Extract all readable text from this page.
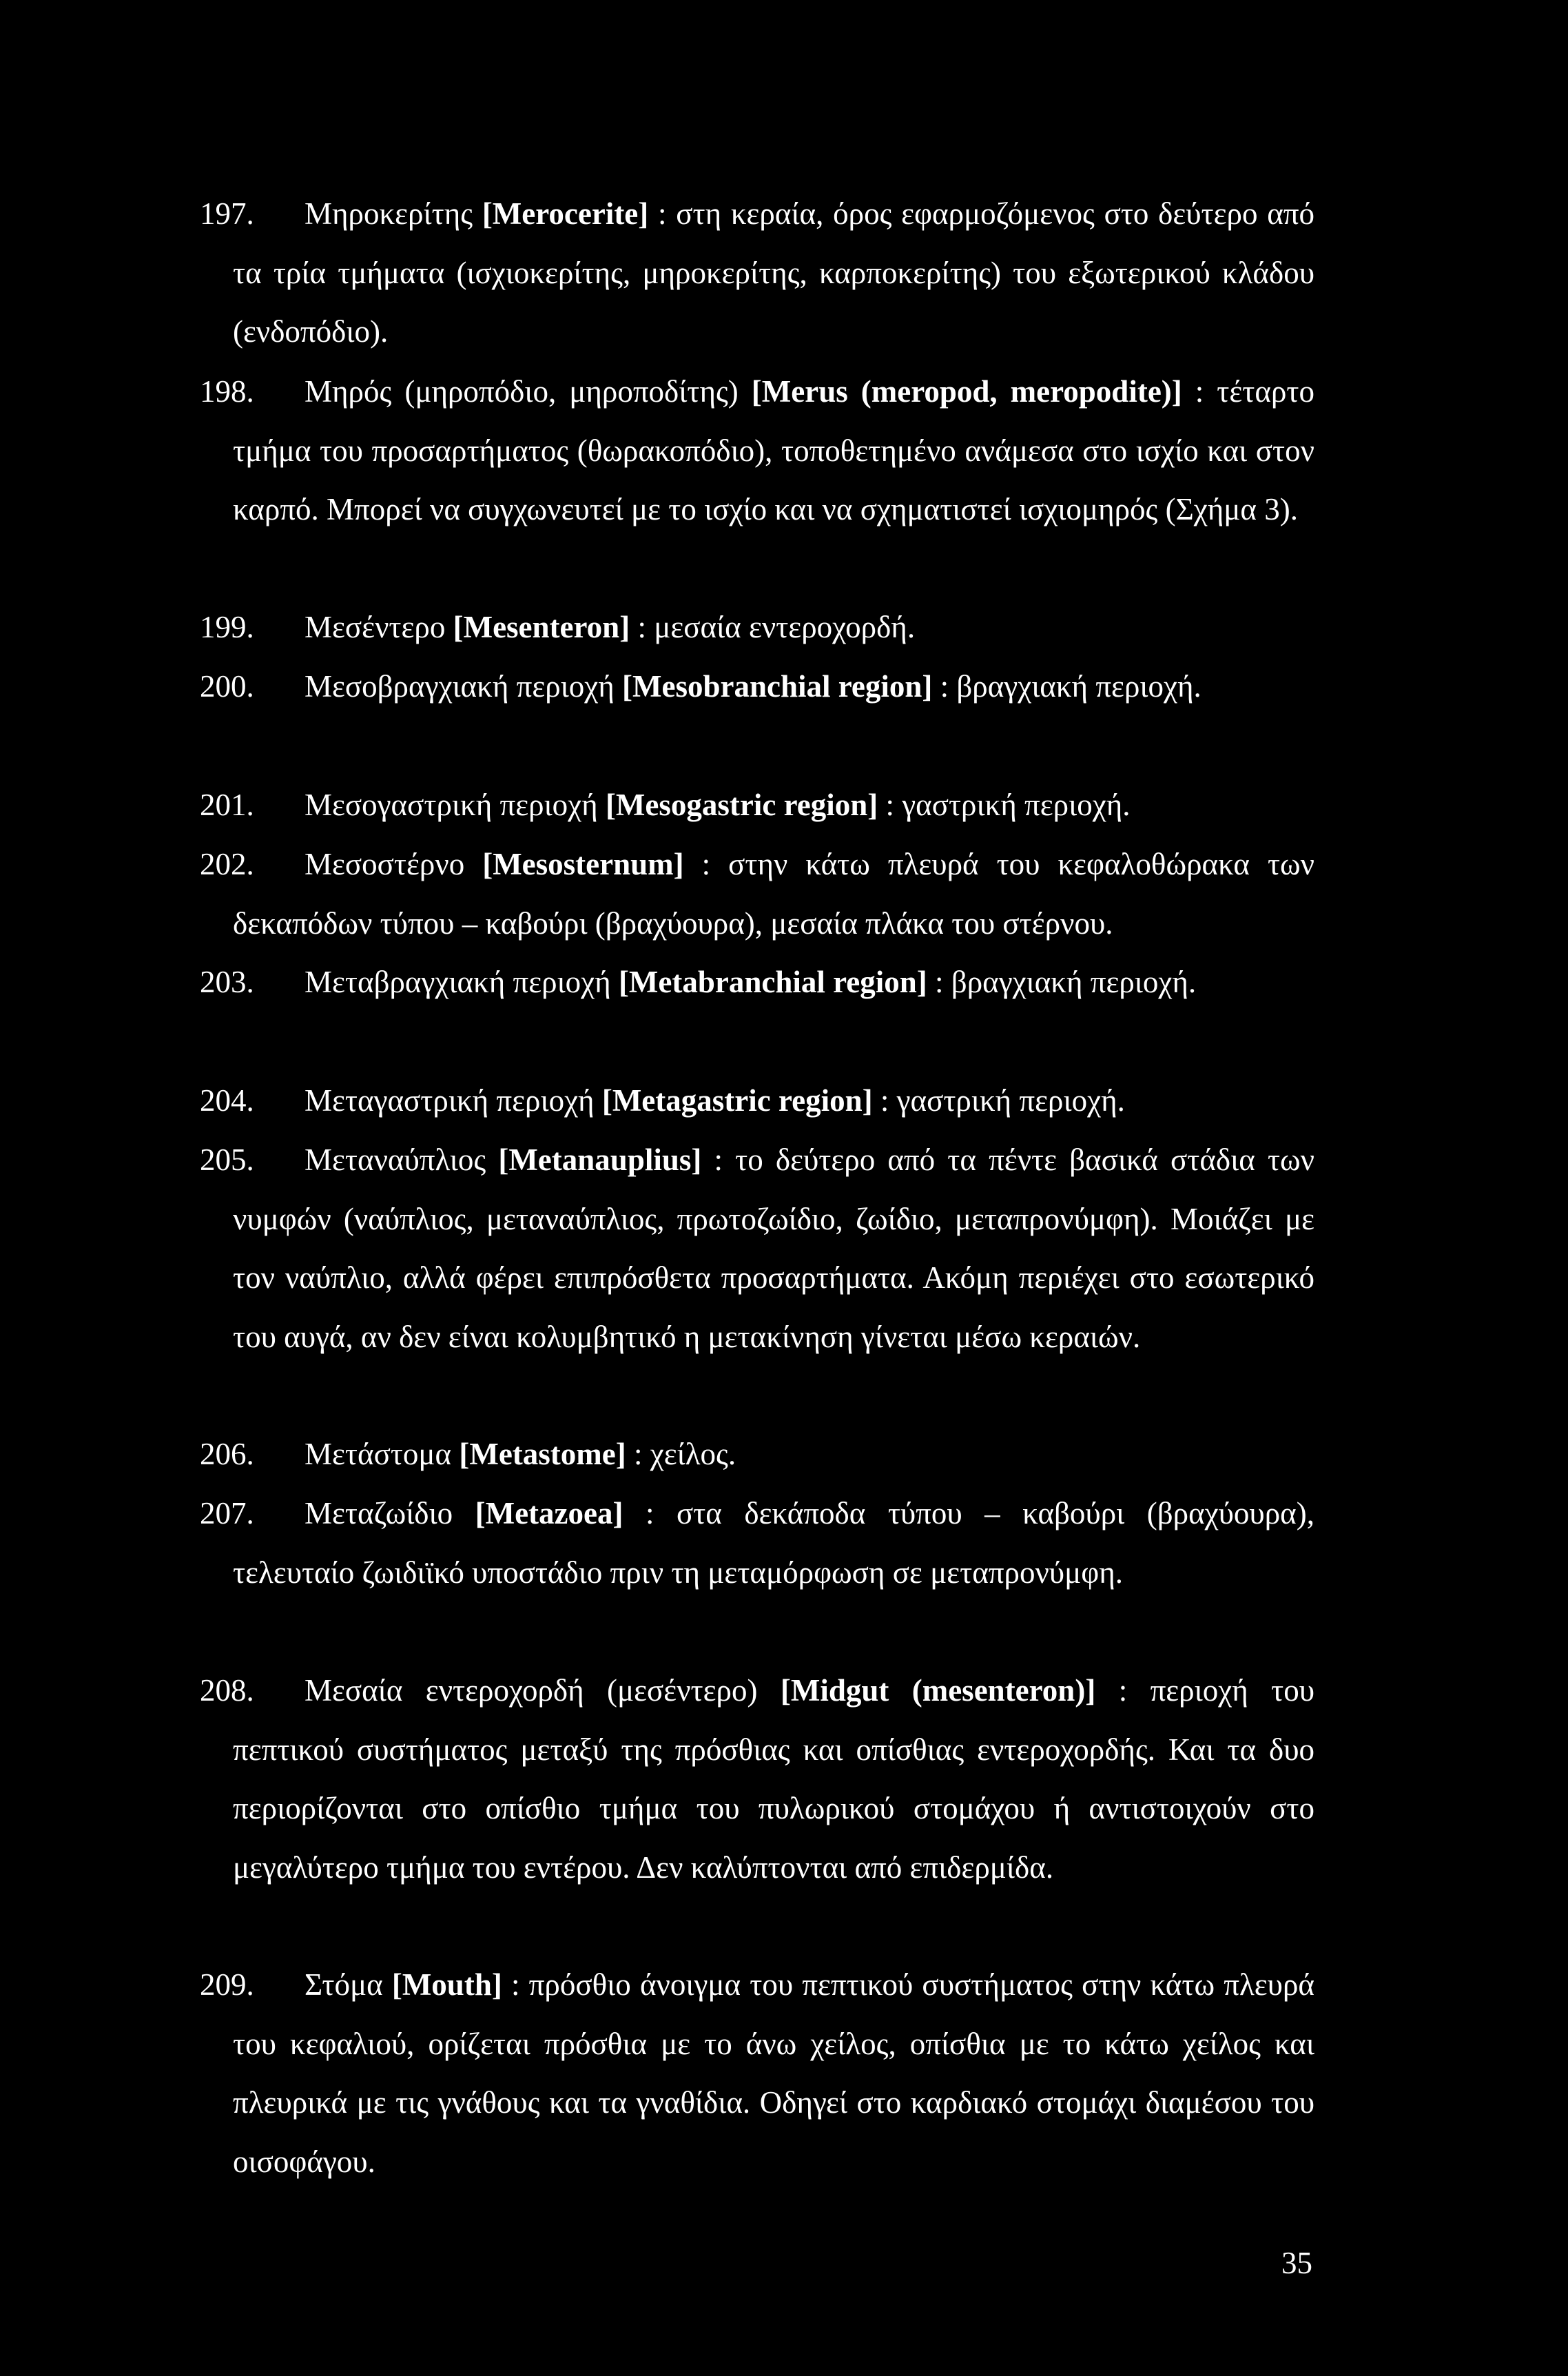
197. Μηροκερίτης [Merocerite] : στη κεραία, όρος εφαρμοζόμενος στο δεύτερο από τα τρία τμήματα (ισχιοκερίτης, μηροκερίτης, καρποκερίτης) του εξωτερικού κλάδου (ενδοπόδιο).
198. Μηρός (μηροπόδιο, μηροποδίτης) [Merus (meropod, meropodite)] : τέταρτο τμήμα του προσαρτήματος (θωρακοπόδιο), τοποθετημένο ανάμεσα στο ισχίο και στον καρπό. Μπορεί να συγχωνευτεί με το ισχίο και να σχηματιστεί ισχιομηρός (Σχήμα 3).
199. Μεσέντερο [Mesenteron] : μεσαία εντεροχορδή.
200. Μεσοβραγχιακή περιοχή [Mesobranchial region] : βραγχιακή περιοχή.
201. Μεσογαστρική περιοχή [Mesogastric region] : γαστρική περιοχή.
202. Μεσοστέρνο [Mesosternum] : στην κάτω πλευρά του κεφαλοθώρακα των δεκαπόδων τύπου – καβούρι (βραχύουρα), μεσαία πλάκα του στέρνου.
203. Μεταβραγχιακή περιοχή [Metabranchial region] : βραγχιακή περιοχή.
204. Μεταγαστρική περιοχή [Metagastric region] : γαστρική περιοχή.
205. Μεταναύπλιος [Metanauplius] : το δεύτερο από τα πέντε βασικά στάδια των νυμφών (ναύπλιος, μεταναύπλιος, πρωτοζωίδιο, ζωίδιο, μεταπρονύμφη). Μοιάζει με τον ναύπλιο, αλλά φέρει επιπρόσθετα προσαρτήματα. Ακόμη περιέχει στο εσωτερικό του αυγά, αν δεν είναι κολυμβητικό η μετακίνηση γίνεται μέσω κεραιών.
206. Μετάστομα [Metastome] : χείλος.
207. Μεταζωίδιο [Metazoea] : στα δεκάποδα τύπου – καβούρι (βραχύουρα), τελευταίο ζωιδιϊκό υποστάδιο πριν τη μεταμόρφωση σε μεταπρονύμφη.
208. Μεσαία εντεροχορδή (μεσέντερο) [Midgut (mesenteron)] : περιοχή του πεπτικού συστήματος μεταξύ της πρόσθιας και οπίσθιας εντεροχορδής. Και τα δυο περιορίζονται στο οπίσθιο τμήμα του πυλωρικού στομάχου ή αντιστοιχούν στο μεγαλύτερο τμήμα του εντέρου. Δεν καλύπτονται από επιδερμίδα.
209. Στόμα [Mouth] : πρόσθιο άνοιγμα του πεπτικού συστήματος στην κάτω πλευρά του κεφαλιού, ορίζεται πρόσθια με το άνω χείλος, οπίσθια με το κάτω χείλος και πλευρικά με τις γνάθους και τα γναθίδια. Οδηγεί στο καρδιακό στομάχι διαμέσου του οισοφάγου.
35
